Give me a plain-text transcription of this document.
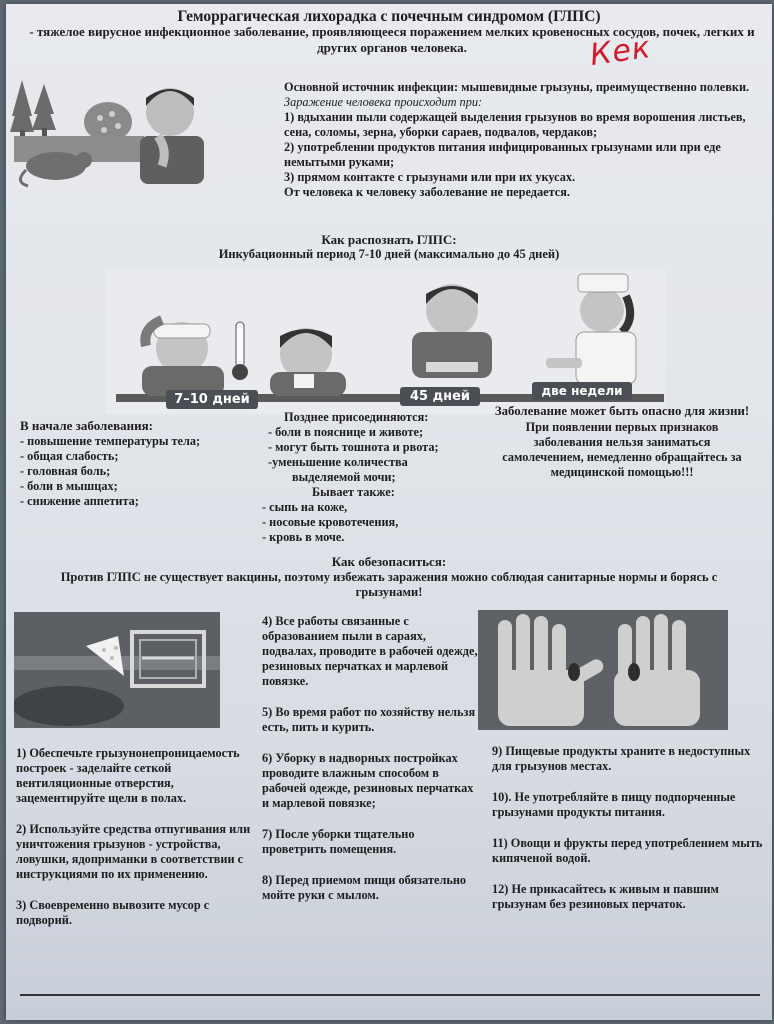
Геморрагическая лихорадка с почечным синдромом (ГЛПС)

- тяжелое вирусное инфекционное заболевание, проявляющееся поражением мелких кровеносных сосудов, почек, легких и других органов человека.	Кек
Основной источник инфекции: мышевидные грызуны, преимущественно полевки.
Заражение человека происходит при:
1) вдыхании пыли содержащей выделения грызунов во время ворошения листьев, сена, соломы, зерна, уборки сараев, подвалов, чердаков;
2) употреблении продуктов питания инфицированных грызунами или при еде немытыми руками;
3) прямом контакте с грызунами или при их укусах.
От человека к человеку заболевание не передается.

Как распознать ГЛПС:

Инкубационный период 7-10 дней (максимально до 45 дней)

7–10 дней	45 дней	две недели
В начале заболевания:
- повышение температуры тела;
- общая слабость;
- головная боль;
- боли в мышцах;
- снижение аппетита;
Позднее присоединяются:
- боли в пояснице и животе;
- могут быть тошнота и рвота;
-уменьшение количества
выделяемой мочи;
Бывает также:
- сыпь на коже,
- носовые кровотечения,
- кровь в моче.
Заболевание может быть опасно для жизни!
При появлении первых признаков заболевания нельзя заниматься самолечением, немедленно обращайтесь за медицинской помощью!!!

Как обезопаситься:

Против ГЛПС не существует вакцины, поэтому избежать заражения можно соблюдая санитарные нормы и борясь с грызунами!

1) Обеспечьте грызунонепроницаемость построек - заделайте сеткой вентиляционные отверстия, зацементируйте щели в полах.
2) Используйте средства отпугивания или уничтожения грызунов - устройства, ловушки, ядоприманки в соответствии с инструкциями по их применению.
3) Своевременно вывозите мусор с подворий.
4) Все работы связанные с образованием пыли в сараях, подвалах, проводите в рабочей одежде, резиновых перчатках и марлевой повязке.
5) Во время работ по хозяйству нельзя есть, пить и курить.
6) Уборку в надворных постройках проводите влажным способом в рабочей одежде, резиновых перчатках и марлевой повязке;
7) После уборки тщательно проветрить помещения.
8) Перед приемом пищи обязательно мойте руки с мылом.
9) Пищевые продукты храните в недоступных для грызунов местах.
10). Не употребляйте в пищу подпорченные грызунами продукты питания.
11) Овощи и фрукты перед употреблением мыть кипяченой водой.
12) Не прикасайтесь к живым и павшим грызунам без резиновых перчаток.
